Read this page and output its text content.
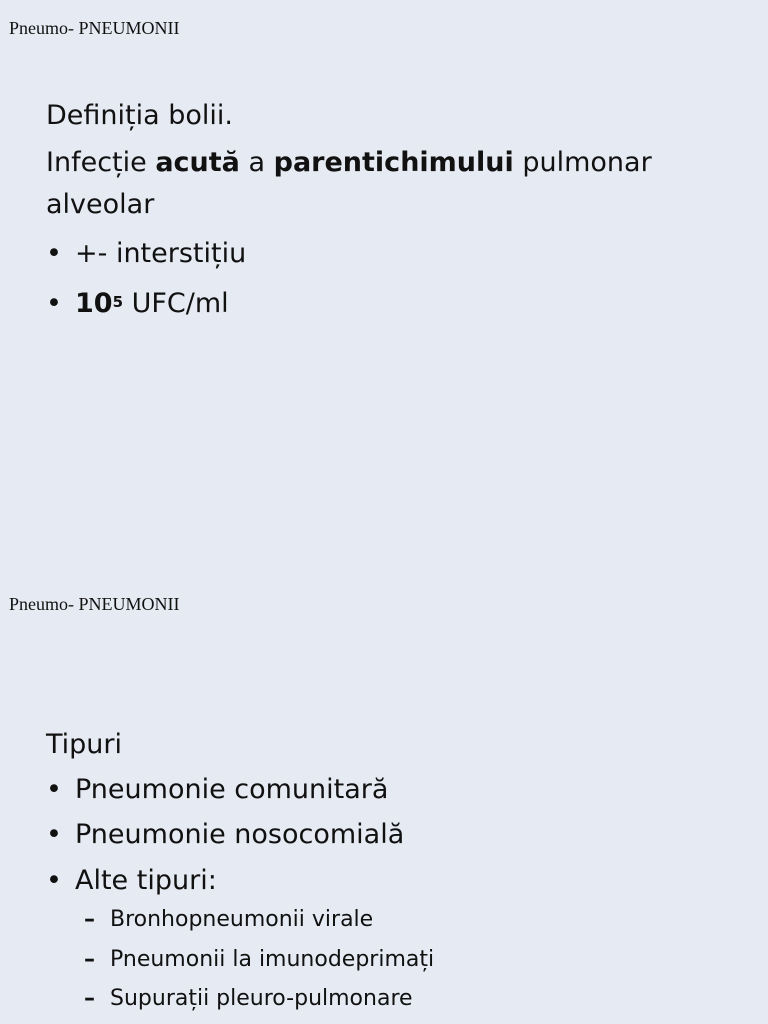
Pneumo- PNEUMONII
Definiția bolii.
Infecție acută a parentichimului pulmonar
alveolar
• +- interstițiu
• $10^5$ UFC/ml
Pneumo- PNEUMONII
Tipuri
• Pneumonie comunitară
• Pneumonie nosocomială
• Alte tipuri:
– Bronhopneumonii virale
– Pneumonii la imunodeprimați
– Supurații pleuro-pulmonare
